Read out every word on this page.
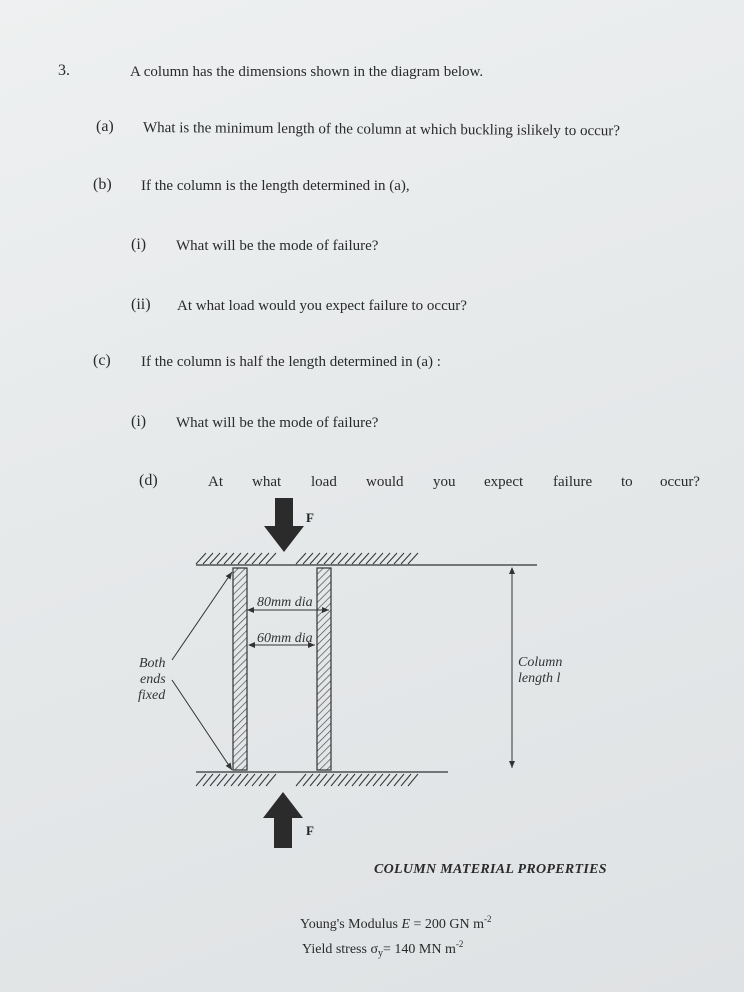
3.	A column has the dimensions shown in the diagram below.
(a) What is the minimum length of the column at which buckling islikely to occur?
(b) If the column is the length determined in (a),
(i) What will be the mode of failure?
(ii) At what load would you expect failure to occur?
(c) If the column is half the length determined in (a) :
(i) What will be the mode of failure?
(d)	At what load would you expect failure to occur?
F
F
80mm dia
60mm dia
Both
ends
fixed
Column
length l
COLUMN MATERIAL PROPERTIES
Young's Modulus E = 200 GN $m^{-2}$
Yield stress $\sigma_y= 140$ MN $m^{-2}$
